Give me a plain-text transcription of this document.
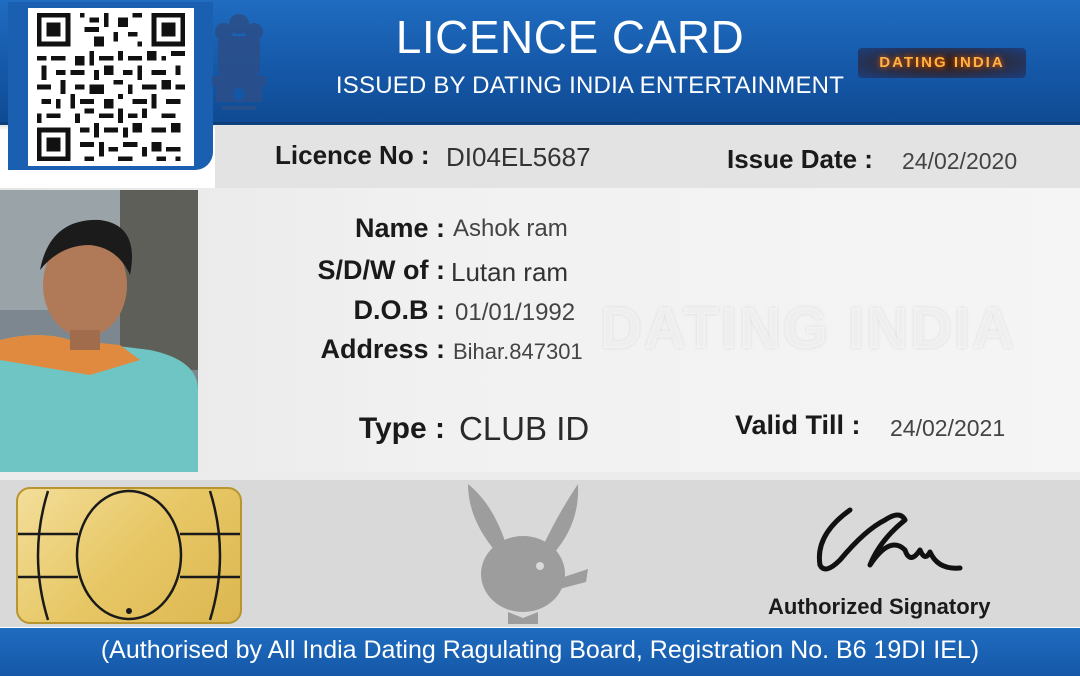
LICENCE CARD
ISSUED BY DATING INDIA ENTERTAINMENT
DATING INDIA
Licence No : DI04EL5687	Issue Date : 24/02/2020
DATING INDIA
Name : Ashok ram
S/D/W of : Lutan ram
D.O.B : 01/01/1992
Address : Bihar.847301
Type : CLUB ID	Valid Till : 24/02/2021
Authorized Signatory
(Authorised by All India Dating Ragulating Board, Registration No. B6 19DI IEL)
